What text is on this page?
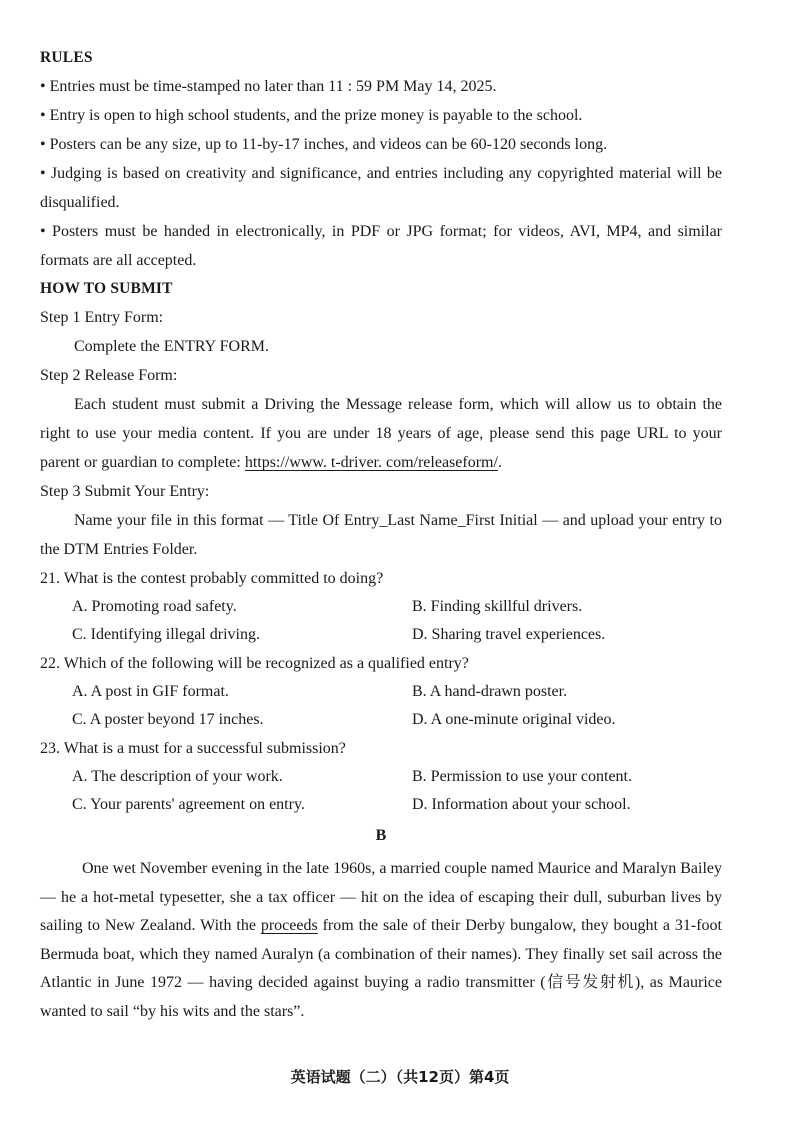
RULES

• Entries must be time-stamped no later than 11 : 59 PM May 14, 2025.

• Entry is open to high school students, and the prize money is payable to the school.

• Posters can be any size, up to 11-by-17 inches, and videos can be 60-120 seconds long.

• Judging is based on creativity and significance, and entries including any copyrighted material will be disqualified.

• Posters must be handed in electronically, in PDF or JPG format; for videos, AVI, MP4, and similar formats are all accepted.

HOW TO SUBMIT
Step 1 Entry Form:
Complete the ENTRY FORM.
Step 2 Release Form:
Each student must submit a Driving the Message release form, which will allow us to obtain the right to use your media content. If you are under 18 years of age, please send this page URL to your parent or guardian to complete: https://www. t-driver. com/releaseform/.
Step 3 Submit Your Entry:
Name your file in this format — Title Of Entry_Last Name_First Initial — and upload your entry to the DTM Entries Folder.
21. What is the contest probably committed to doing?
A. Promoting road safety.	B. Finding skillful drivers.
C. Identifying illegal driving.	D. Sharing travel experiences.
22. Which of the following will be recognized as a qualified entry?
A. A post in GIF format.	B. A hand-drawn poster.
C. A poster beyond 17 inches.	D. A one-minute original video.
23. What is a must for a successful submission?
A. The description of your work.	B. Permission to use your content.
C. Your parents' agreement on entry.	D. Information about your school.
B

One wet November evening in the late 1960s, a married couple named Maurice and Maralyn Bailey — he a hot-metal typesetter, she a tax officer — hit on the idea of escaping their dull, suburban lives by sailing to New Zealand. With the proceeds from the sale of their Derby bungalow, they bought a 31-foot Bermuda boat, which they named Auralyn (a combination of their names). They finally set sail across the Atlantic in June 1972 — having decided against buying a radio transmitter (信号发射机), as Maurice wanted to sail “by his wits and the stars”.

英语试题（二）（共12页）第4页
